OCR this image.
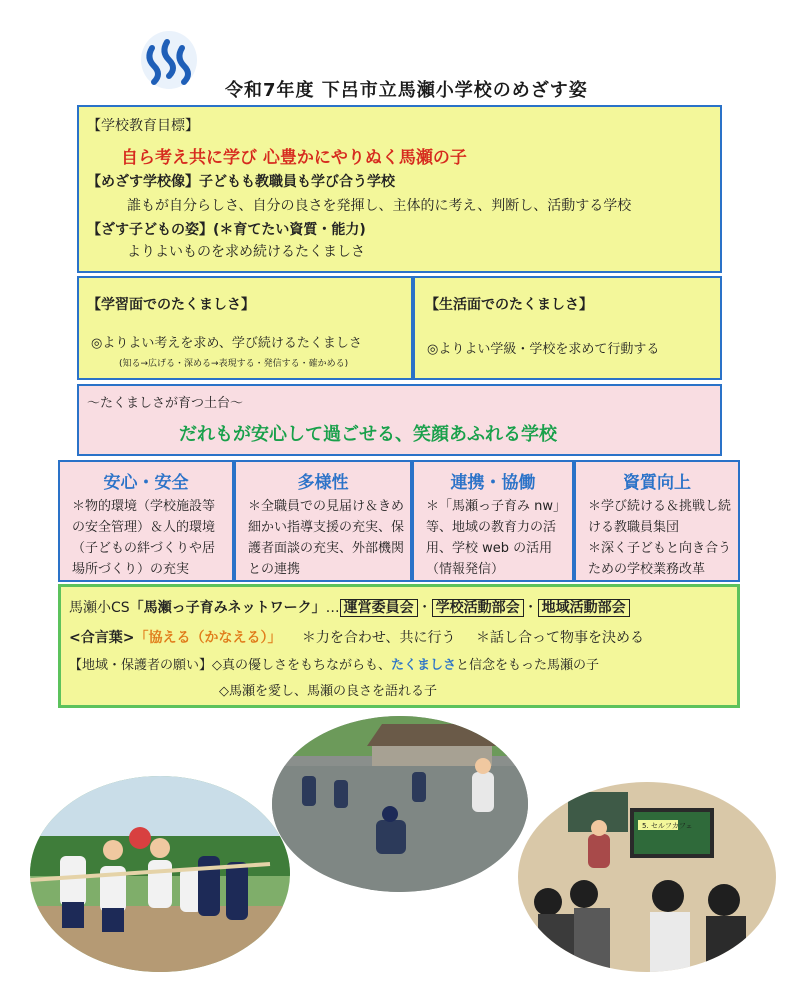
令和7年度 下呂市立馬瀬小学校のめざす姿
【学校教育目標】
自ら考え共に学び 心豊かにやりぬく馬瀬の子
【めざす学校像】子どもも教職員も学び合う学校
誰もが自分らしさ、自分の良さを発揮し、主体的に考え、判断し、活動する学校
【ざす子どもの姿】(＊育てたい資質・能力)
よりよいものを求め続けるたくましさ
【学習面でのたくましさ】
◎よりよい考えを求め、学び続けるたくましさ
(知る→広げる・深める→表現する・発信する・確かめる)
【生活面でのたくましさ】
◎よりよい学級・学校を求めて行動する
～たくましさが育つ土台～
だれもが安心して過ごせる、笑顔あふれる学校
安心・安全
＊物的環境（学校施設等の安全管理）＆人的環境（子どもの絆づくりや居場所づくり）の充実
多様性
＊全職員での見届け＆きめ細かい指導支援の充実、保護者面談の充実、外部機関との連携
連携・協働
＊「馬瀬っ子育み nw」等、地域の教育力の活用、学校 web の活用（情報発信）
資質向上
＊学び続ける＆挑戦し続ける教職員集団
＊深く子どもと向き合うための学校業務改革
馬瀬小CS「馬瀬っ子育みネットワーク」… 運営委員会 ・ 学校活動部会 ・ 地域活動部会
<合言葉>「協える（かなえる）」 ＊力を合わせ、共に行う ＊話し合って物事を決める
【地域・保護者の願い】◇真の優しさをもちながらも、たくましさと信念をもった馬瀬の子
◇馬瀬を愛し、馬瀬の良さを語れる子
5. セルフカフェ
